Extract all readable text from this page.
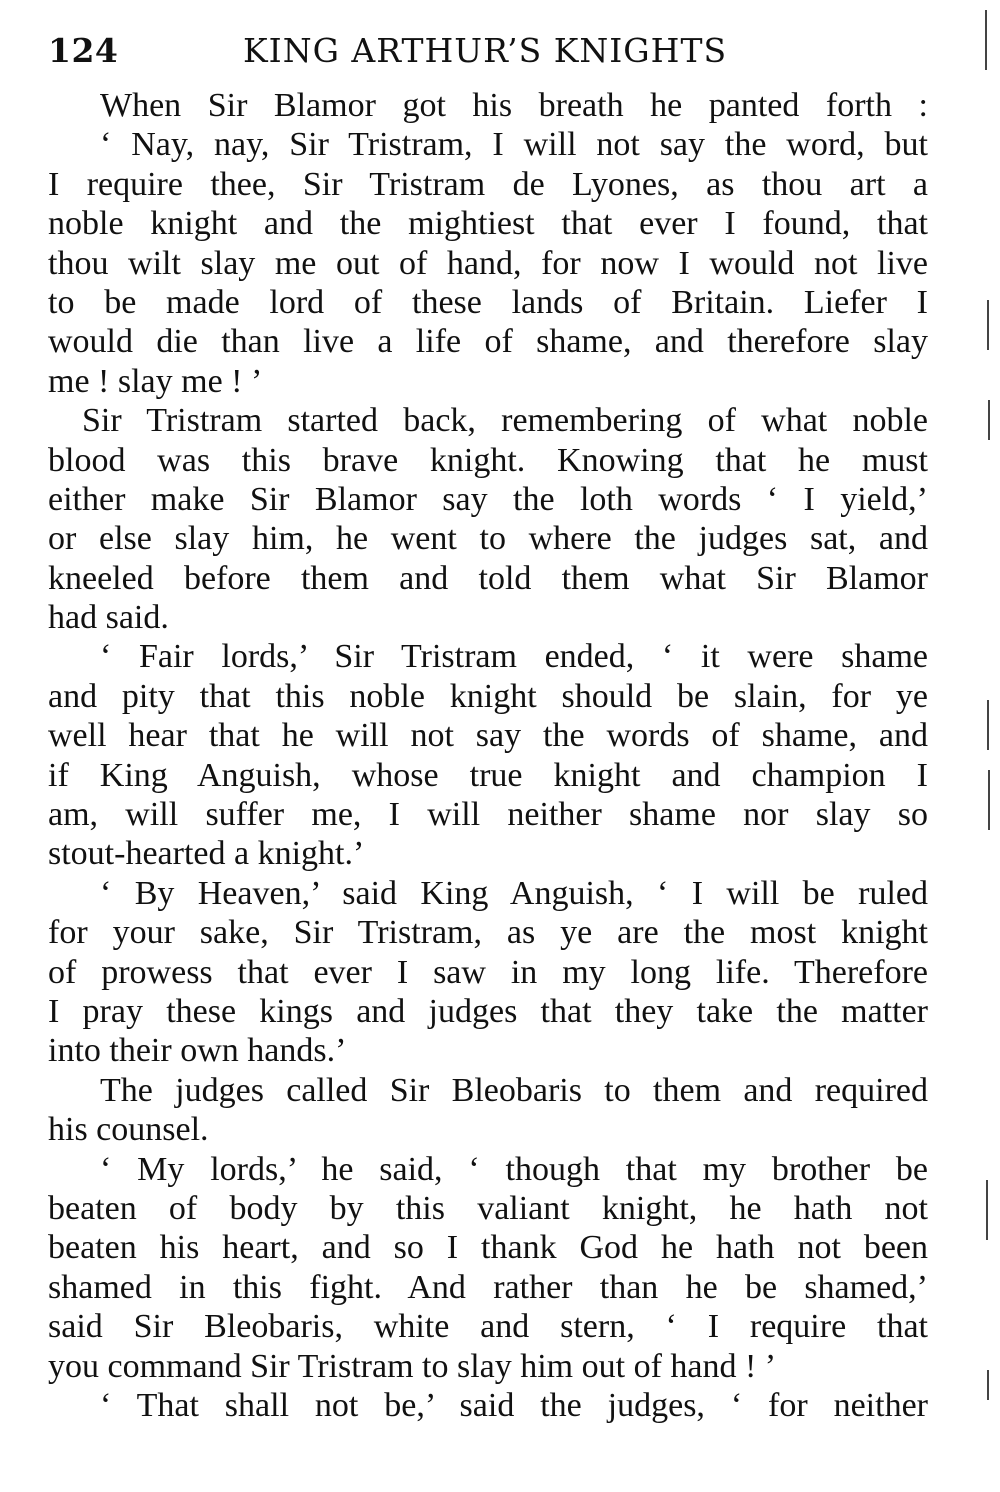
124	KING ARTHUR’S KNIGHTS
When Sir Blamor got his breath he panted forth :
‘ Nay, nay, Sir Tristram, I will not say the word, but
I require thee, Sir Tristram de Lyones, as thou art a
noble knight and the mightiest that ever I found, that
thou wilt slay me out of hand, for now I would not live
to be made lord of these lands of Britain. Liefer I
would die than live a life of shame, and therefore slay
me ! slay me ! ’
Sir Tristram started back, remembering of what noble
blood was this brave knight. Knowing that he must
either make Sir Blamor say the loth words ‘ I yield,’
or else slay him, he went to where the judges sat, and
kneeled before them and told them what Sir Blamor
had said.
‘ Fair lords,’ Sir Tristram ended, ‘ it were shame
and pity that this noble knight should be slain, for ye
well hear that he will not say the words of shame, and
if King Anguish, whose true knight and champion I
am, will suffer me, I will neither shame nor slay so
stout-hearted a knight.’
‘ By Heaven,’ said King Anguish, ‘ I will be ruled
for your sake, Sir Tristram, as ye are the most knight
of prowess that ever I saw in my long life. Therefore
I pray these kings and judges that they take the matter
into their own hands.’
The judges called Sir Bleobaris to them and required
his counsel.
‘ My lords,’ he said, ‘ though that my brother be
beaten of body by this valiant knight, he hath not
beaten his heart, and so I thank God he hath not been
shamed in this fight. And rather than he be shamed,’
said Sir Bleobaris, white and stern, ‘ I require that
you command Sir Tristram to slay him out of hand ! ’
‘ That shall not be,’ said the judges, ‘ for neither
